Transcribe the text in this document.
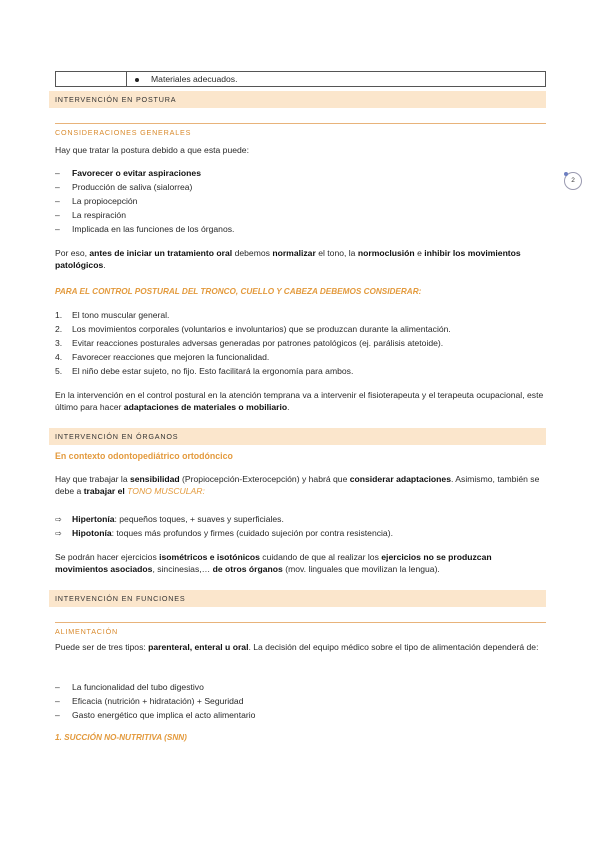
2
Materiales adecuados.
INTERVENCIÓN EN POSTURA
CONSIDERACIONES GENERALES
Hay que tratar la postura debido a que esta puede:
– Favorecer o evitar aspiraciones
– Producción de saliva (sialorrea)
– La propiocepción
– La respiración
– Implicada en las funciones de los órganos.
Por eso, antes de iniciar un tratamiento oral debemos normalizar el tono, la normoclusión e inhibir los movimientos patológicos.
PARA EL CONTROL POSTURAL DEL TRONCO, CUELLO Y CABEZA DEBEMOS CONSIDERAR:
1. El tono muscular general.
2. Los movimientos corporales (voluntarios e involuntarios) que se produzcan durante la alimentación.
3. Evitar reacciones posturales adversas generadas por patrones patológicos (ej. parálisis atetoide).
4. Favorecer reacciones que mejoren la funcionalidad.
5. El niño debe estar sujeto, no fijo. Esto facilitará la ergonomía para ambos.
En la intervención en el control postural en la atención temprana va a intervenir el fisioterapeuta y el terapeuta ocupacional, este último para hacer adaptaciones de materiales o mobiliario.
INTERVENCIÓN EN ÓRGANOS
En contexto odontopediátrico ortodóncico
Hay que trabajar la sensibilidad (Propiocepción-Exterocepción) y habrá que considerar adaptaciones. Asimismo, también se debe a trabajar el TONO MUSCULAR:
⇨ Hipertonía: pequeños toques, + suaves y superficiales.
⇨ Hipotonía: toques más profundos y firmes (cuidado sujeción por contra resistencia).
Se podrán hacer ejercicios isométricos e isotónicos cuidando de que al realizar los ejercicios no se produzcan movimientos asociados, sincinesias,… de otros órganos (mov. linguales que movilizan la lengua).
INTERVENCIÓN EN FUNCIONES
ALIMENTACIÓN
Puede ser de tres tipos: parenteral, enteral u oral. La decisión del equipo médico sobre el tipo de alimentación dependerá de:
– La funcionalidad del tubo digestivo
– Eficacia (nutrición + hidratación) + Seguridad
– Gasto energético que implica el acto alimentario
1. SUCCIÓN NO-NUTRITIVA (SNN)
